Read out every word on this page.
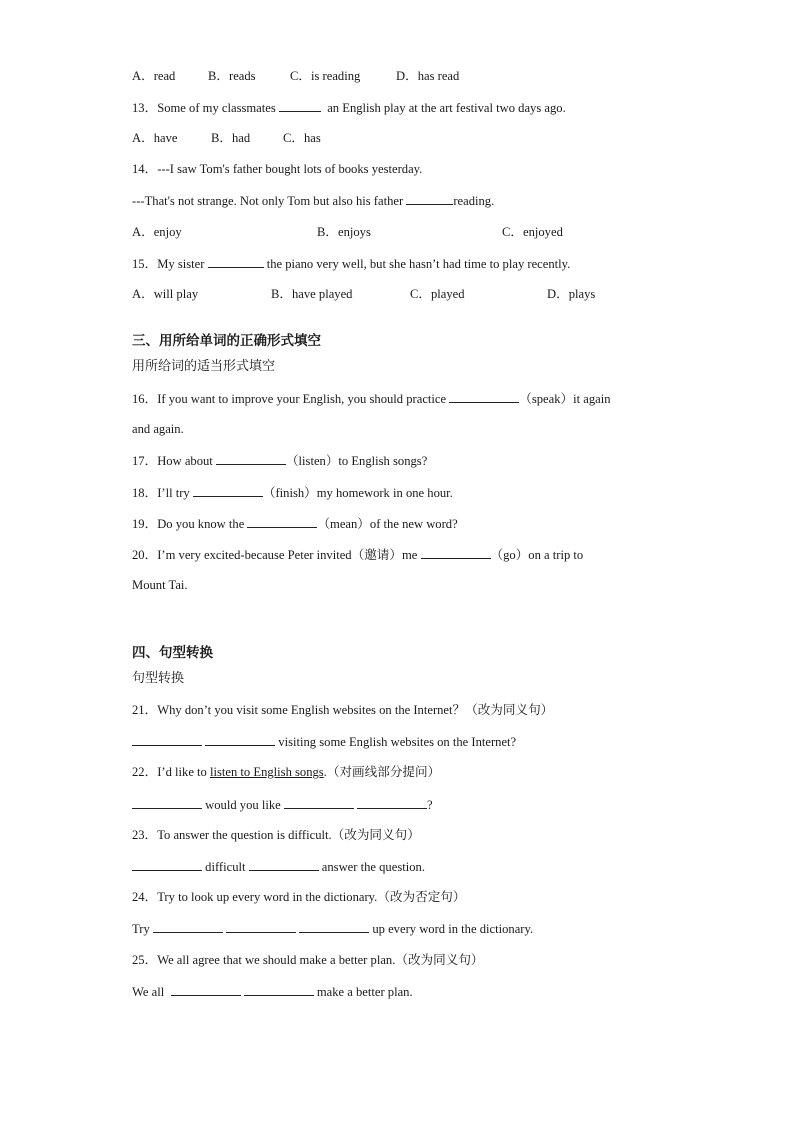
A．read	B．reads	C．is reading	D．has read
13．Some of my classmates	an English play at the art festival two days ago.
A．have	B．had	C．has
14．---I saw Tom's father bought lots of books yesterday.
---That's not strange. Not only Tom but also his father	reading.
A．enjoy	B．enjoys	C．enjoyed
15．My sister	the piano very well, but she hasn’t had time to play recently.
A．will play	B．have played	C．played	D．plays
三、用所给单词的正确形式填空
用所给词的适当形式填空
16．If you want to improve your English, you should practice	（speak）it again
and again.
17．How about	（listen）to English songs?
18．I’ll try	（finish）my homework in one hour.
19．Do you know the	（mean）of the new word?
20．I’m very excited-because Peter invited（邀请）me	（go）on a trip to
Mount Tai.
四、句型转换
句型转换
21．Why don’t you visit some English websites on the Internet？（改为同义句）
visiting some English websites on the Internet?
22．I’d like to listen to English songs.（对画线部分提问）
would you like	?
23．To answer the question is difficult.（改为同义句）
difficult	answer the question.
24．Try to look up every word in the dictionary.（改为否定句）
Try	up every word in the dictionary.
25．We all agree that we should make a better plan.（改为同义句）
We all	make a better plan.
